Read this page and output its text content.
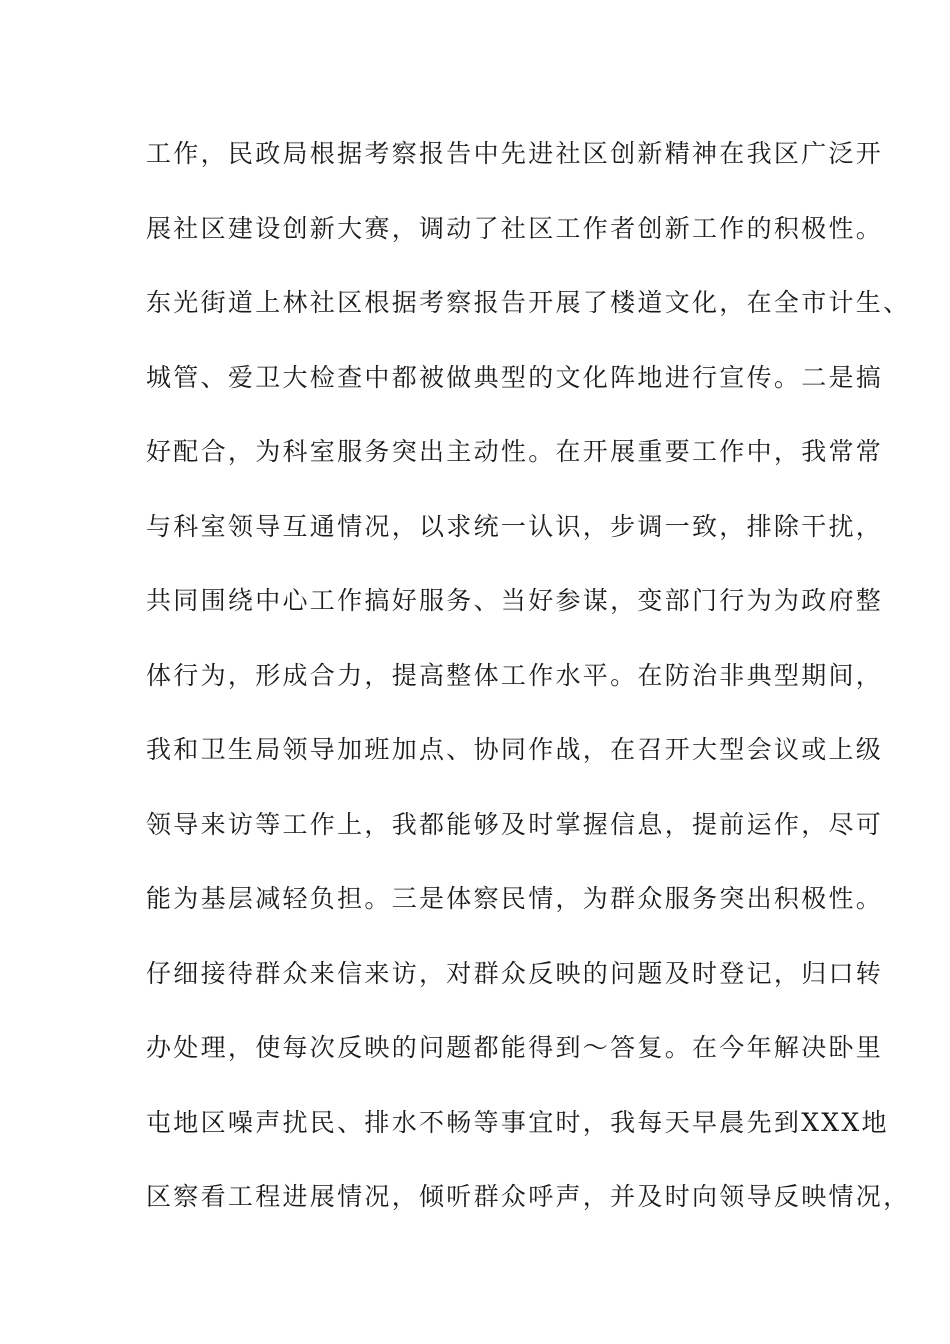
工作，民政局根据考察报告中先进社区创新精神在我区广泛开
展社区建设创新大赛，调动了社区工作者创新工作的积极性。
东光街道上林社区根据考察报告开展了楼道文化，在全市计生、
城管、爱卫大检查中都被做典型的文化阵地进行宣传。二是搞
好配合，为科室服务突出主动性。在开展重要工作中，我常常
与科室领导互通情况，以求统一认识，步调一致，排除干扰，
共同围绕中心工作搞好服务、当好参谋，变部门行为为政府整
体行为，形成合力，提高整体工作水平。在防治非典型期间，
我和卫生局领导加班加点、协同作战，在召开大型会议或上级
领导来访等工作上，我都能够及时掌握信息，提前运作，尽可
能为基层减轻负担。三是体察民情，为群众服务突出积极性。
仔细接待群众来信来访，对群众反映的问题及时登记，归口转
办处理，使每次反映的问题都能得到～答复。在今年解决卧里
屯地区噪声扰民、排水不畅等事宜时，我每天早晨先到XXX地
区察看工程进展情况，倾听群众呼声，并及时向领导反映情况，
